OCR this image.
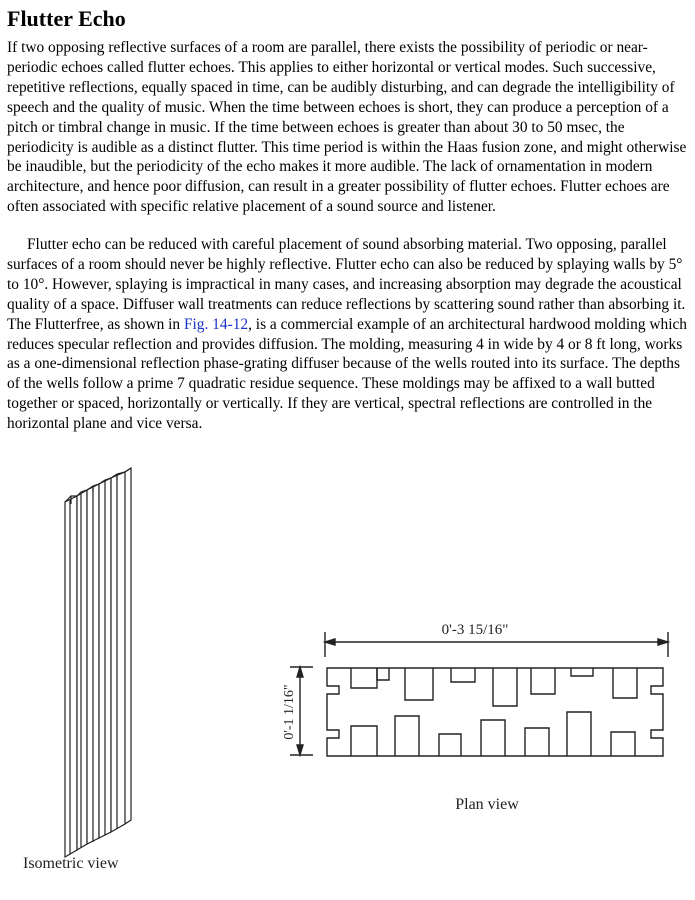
Flutter Echo

If two opposing reflective surfaces of a room are parallel, there exists the possibility of periodic or near-periodic echoes called flutter echoes. This applies to either horizontal or vertical modes. Such successive, repetitive reflections, equally spaced in time, can be audibly disturbing, and can degrade the intelligibility of speech and the quality of music. When the time between echoes is short, they can produce a perception of a pitch or timbral change in music. If the time between echoes is greater than about 30 to 50 msec, the periodicity is audible as a distinct flutter. This time period is within the Haas fusion zone, and might otherwise be inaudible, but the periodicity of the echo makes it more audible. The lack of ornamentation in modern architecture, and hence poor diffusion, can result in a greater possibility of flutter echoes. Flutter echoes are often associated with specific relative placement of a sound source and listener.

Flutter echo can be reduced with careful placement of sound absorbing material. Two opposing, parallel surfaces of a room should never be highly reflective. Flutter echo can also be reduced by splaying walls by 5° to 10°. However, splaying is impractical in many cases, and increasing absorption may degrade the acoustical quality of a space. Diffuser wall treatments can reduce reflections by scattering sound rather than absorbing it. The Flutterfree, as shown in Fig. 14-12, is a commercial example of an architectural hardwood molding which reduces specular reflection and provides diffusion. The molding, measuring 4 in wide by 4 or 8 ft long, works as a one-dimensional reflection phase-grating diffuser because of the wells routed into its surface. The depths of the wells follow a prime 7 quadratic residue sequence. These moldings may be affixed to a wall butted together or spaced, horizontally or vertically. If they are vertical, spectral reflections are controlled in the horizontal plane and vice versa.

0'-3 15/16"
0'-1 1/16"
Plan view
Isometric view
